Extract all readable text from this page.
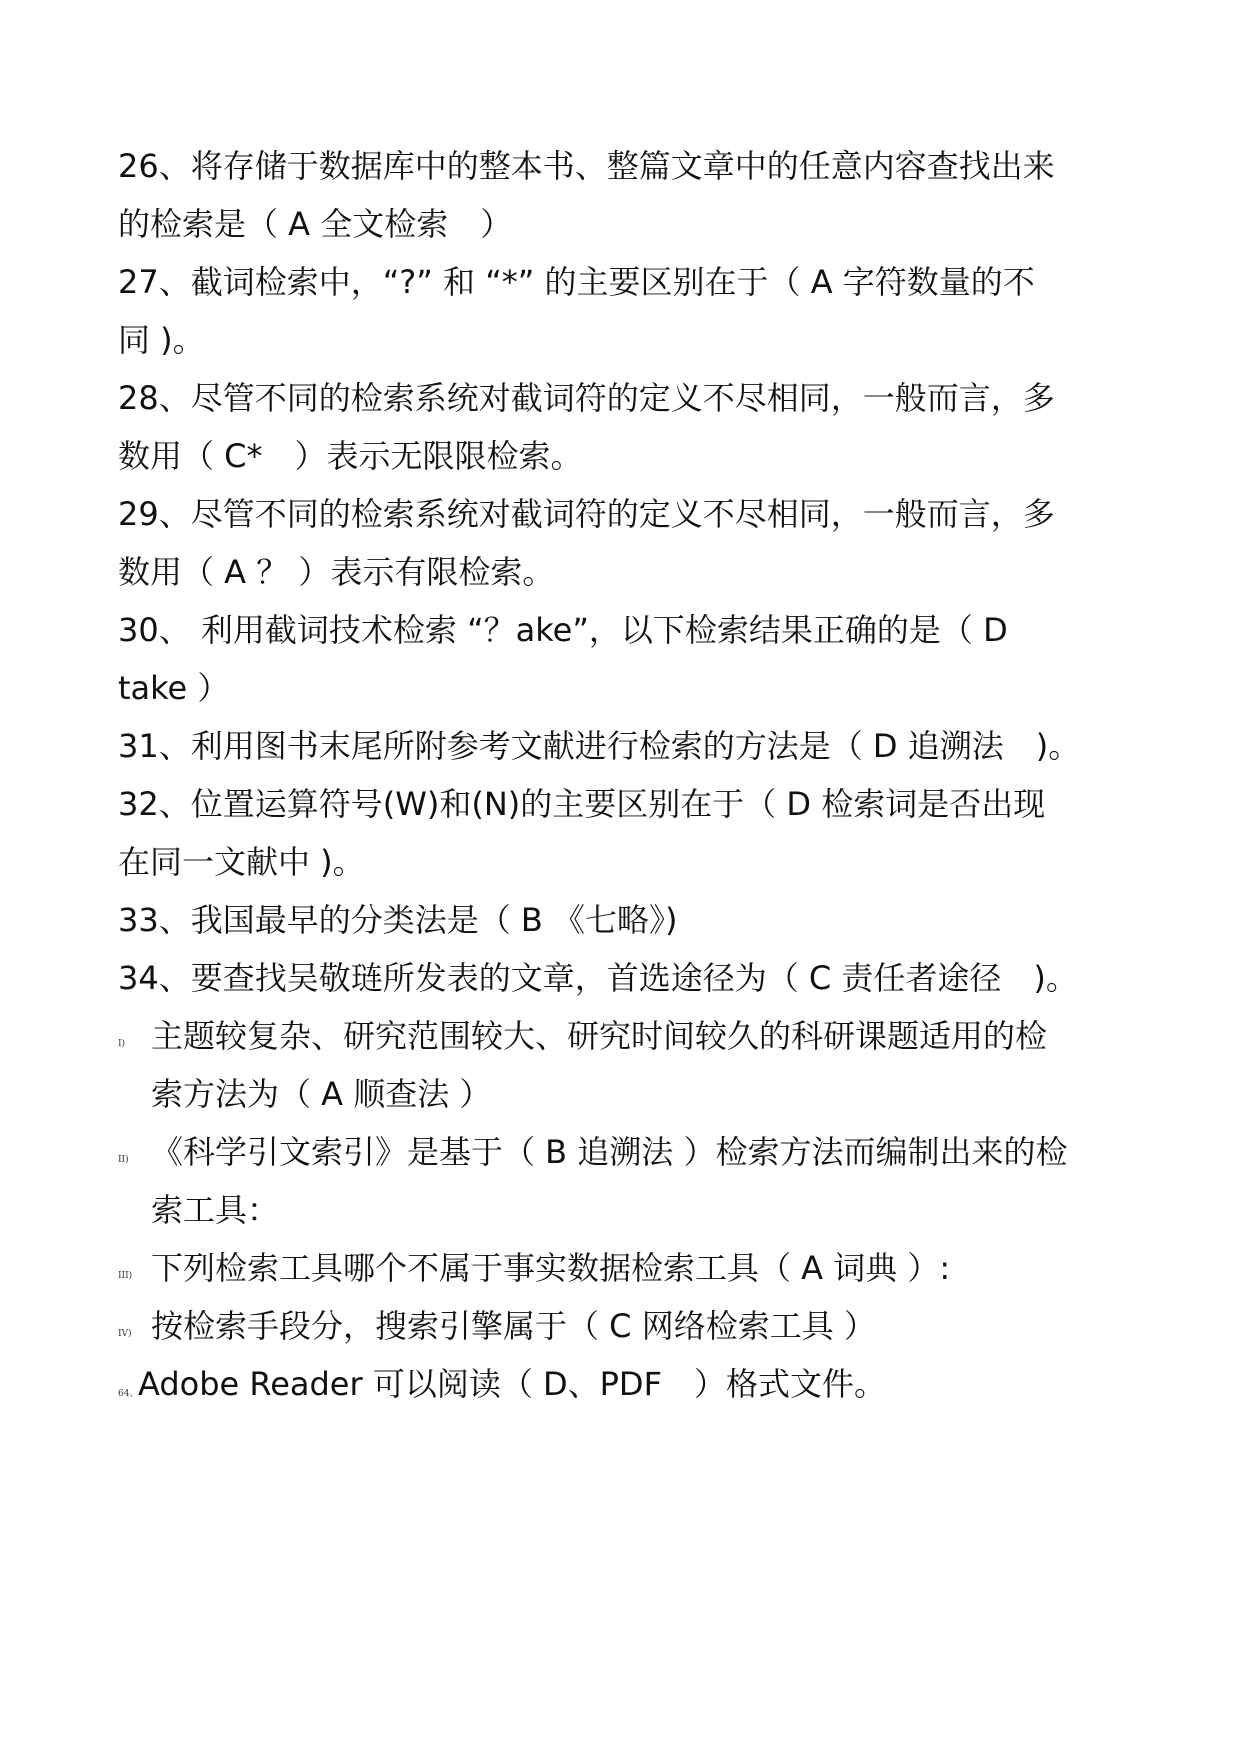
26、将存储于数据库中的整本书、整篇文章中的任意内容查找出来
的检索是（ A 全文检索　）
27、截词检索中，“?” 和 “*” 的主要区别在于（ A 字符数量的不
同 )。
28、尽管不同的检索系统对截词符的定义不尽相同，一般而言，多
数用（ C*　）表示无限限检索。
29、尽管不同的检索系统对截词符的定义不尽相同，一般而言，多
数用（ A ？ ）表示有限检索。
30、 利用截词技术检索 “？ake”，以下检索结果正确的是（ D
take ）
31、利用图书末尾所附参考文献进行检索的方法是（ D 追溯法　)。
32、位置运算符号(W)和(N)的主要区别在于（ D 检索词是否出现
在同一文献中 )。
33、我国最早的分类法是（ B 《七略》)
34、要查找吴敬琏所发表的文章，首选途径为（ C 责任者途径　)。
I) 主题较复杂、研究范围较大、研究时间较久的科研课题适用的检
索方法为（ A 顺查法 ）
II) 《科学引文索引》是基于（ B 追溯法 ）检索方法而编制出来的检
索工具：
III) 下列检索工具哪个不属于事实数据检索工具（ A 词典 ）:
IV) 按检索手段分，搜索引擎属于（ C 网络检索工具 ）
64、 Adobe Reader 可以阅读（ D、PDF　）格式文件。
